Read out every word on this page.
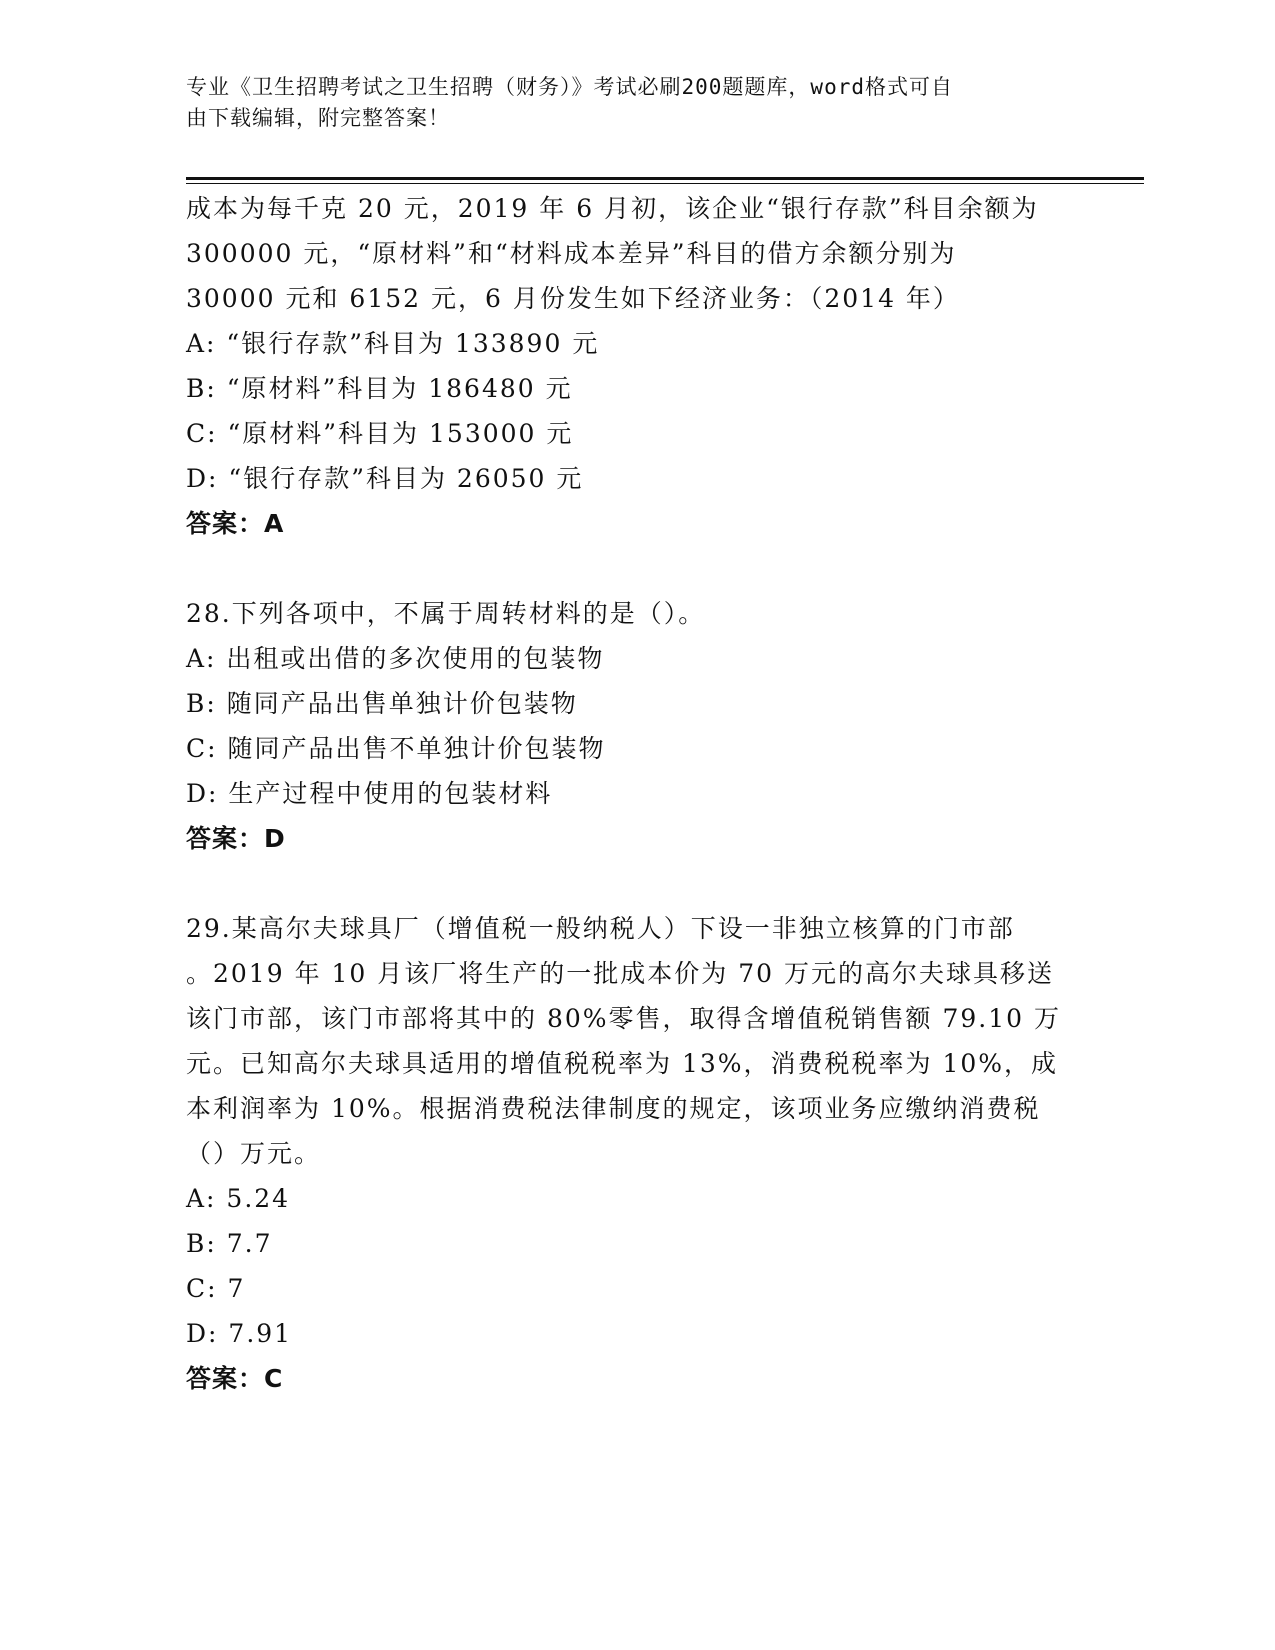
专业《卫生招聘考试之卫生招聘（财务）》考试必刷200题题库，word格式可自
由下载编辑，附完整答案！
成本为每千克 20 元，2019 年 6 月初，该企业“银行存款”科目余额为
300000 元，“原材料”和“材料成本差异”科目的借方余额分别为
30000 元和 6152 元，6 月份发生如下经济业务：（2014 年）
A: “银行存款”科目为 133890 元
B: “原材料”科目为 186480 元
C: “原材料”科目为 153000 元
D: “银行存款”科目为 26050 元
答案：A
28.下列各项中，不属于周转材料的是（）。
A: 出租或出借的多次使用的包装物
B: 随同产品出售单独计价包装物
C: 随同产品出售不单独计价包装物
D: 生产过程中使用的包装材料
答案：D
29.某高尔夫球具厂（增值税一般纳税人）下设一非独立核算的门市部
。2019 年 10 月该厂将生产的一批成本价为 70 万元的高尔夫球具移送
该门市部，该门市部将其中的 80%零售，取得含增值税销售额 79.10 万
元。已知高尔夫球具适用的增值税税率为 13%，消费税税率为 10%，成
本利润率为 10%。根据消费税法律制度的规定，该项业务应缴纳消费税
（）万元。
A: 5.24
B: 7.7
C: 7
D: 7.91
答案：C
